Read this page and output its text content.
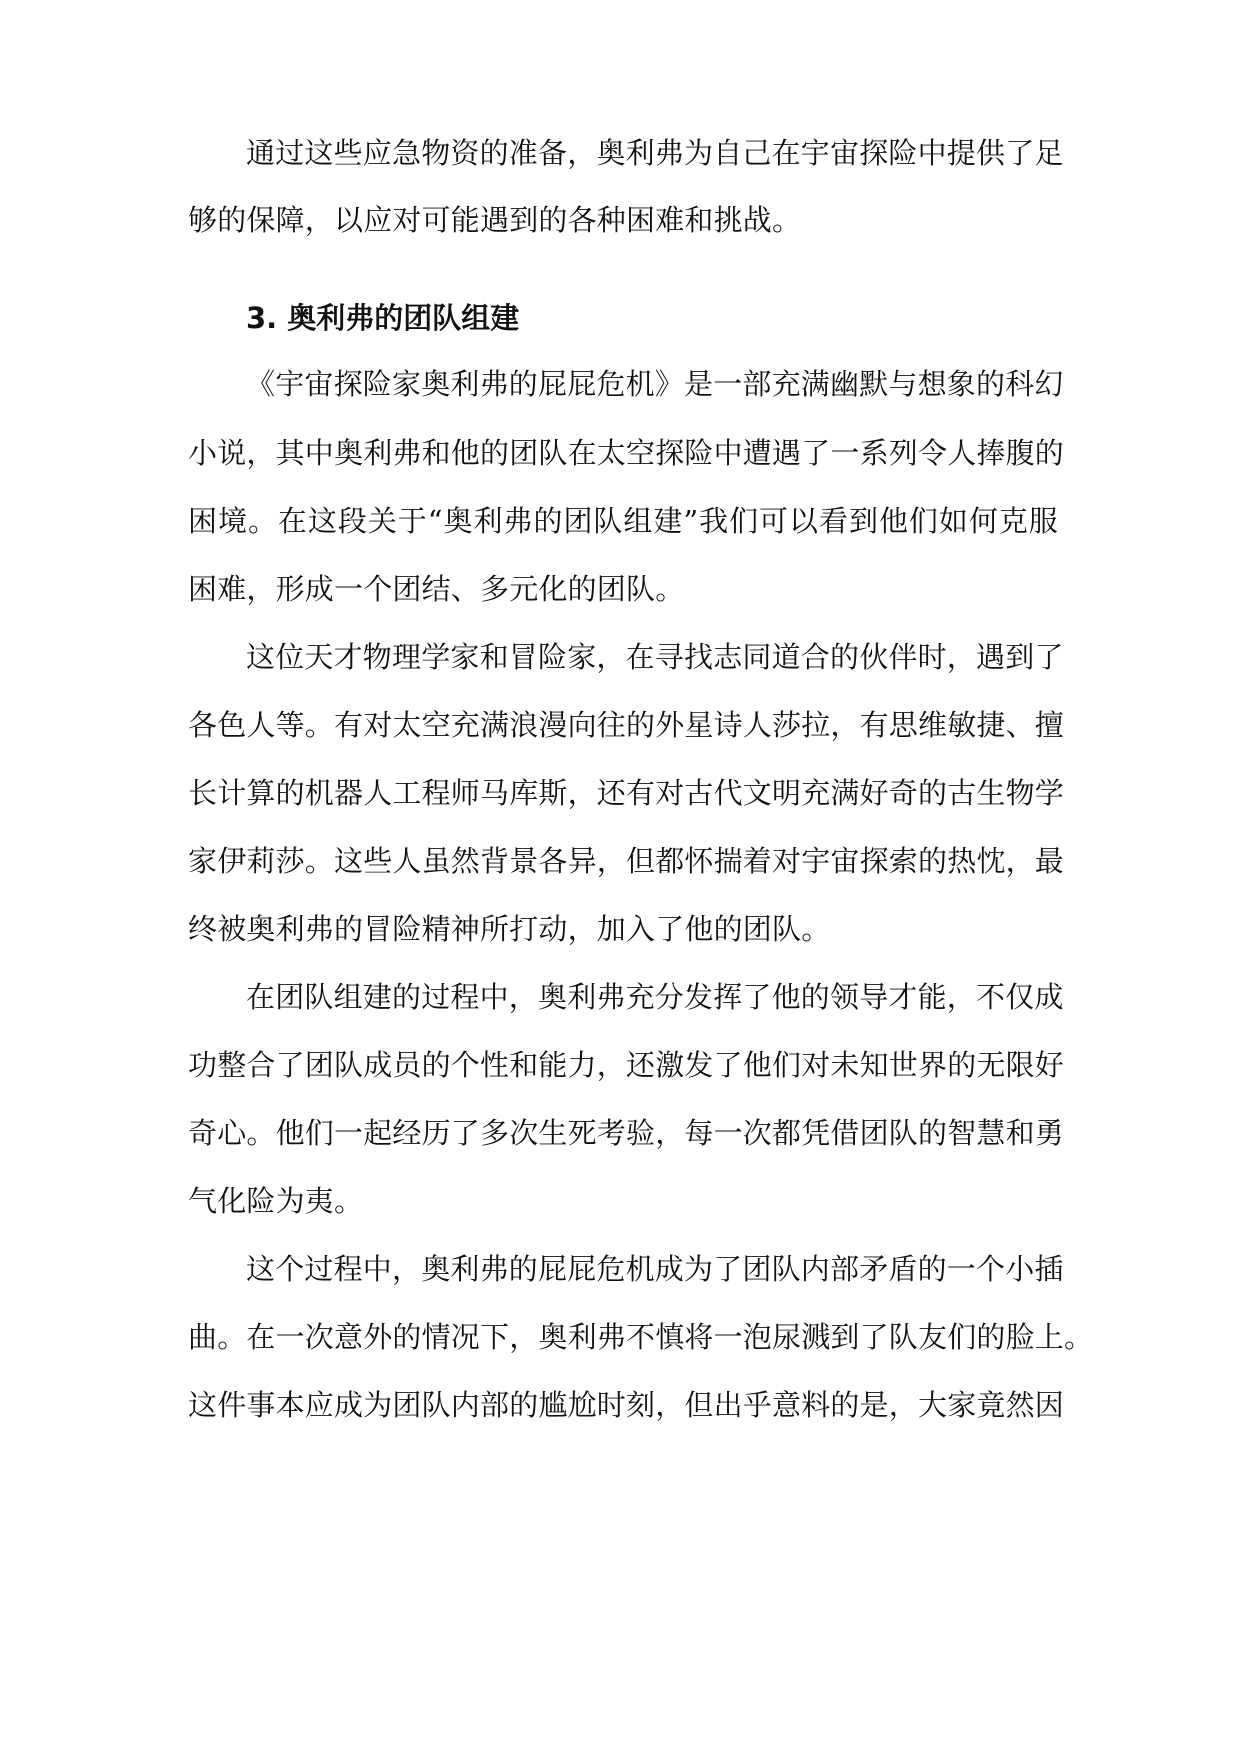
通过这些应急物资的准备，奥利弗为自己在宇宙探险中提供了足
够的保障，以应对可能遇到的各种困难和挑战。
3. 奥利弗的团队组建
《宇宙探险家奥利弗的屁屁危机》是一部充满幽默与想象的科幻
小说，其中奥利弗和他的团队在太空探险中遭遇了一系列令人捧腹的
困境。在这段关于“奥利弗的团队组建”我们可以看到他们如何克服
困难，形成一个团结、多元化的团队。
这位天才物理学家和冒险家，在寻找志同道合的伙伴时，遇到了
各色人等。有对太空充满浪漫向往的外星诗人莎拉，有思维敏捷、擅
长计算的机器人工程师马库斯，还有对古代文明充满好奇的古生物学
家伊莉莎。这些人虽然背景各异，但都怀揣着对宇宙探索的热忱，最
终被奥利弗的冒险精神所打动，加入了他的团队。
在团队组建的过程中，奥利弗充分发挥了他的领导才能，不仅成
功整合了团队成员的个性和能力，还激发了他们对未知世界的无限好
奇心。他们一起经历了多次生死考验，每一次都凭借团队的智慧和勇
气化险为夷。
这个过程中，奥利弗的屁屁危机成为了团队内部矛盾的一个小插
曲。在一次意外的情况下，奥利弗不慎将一泡尿溅到了队友们的脸上。
这件事本应成为团队内部的尴尬时刻，但出乎意料的是，大家竟然因
